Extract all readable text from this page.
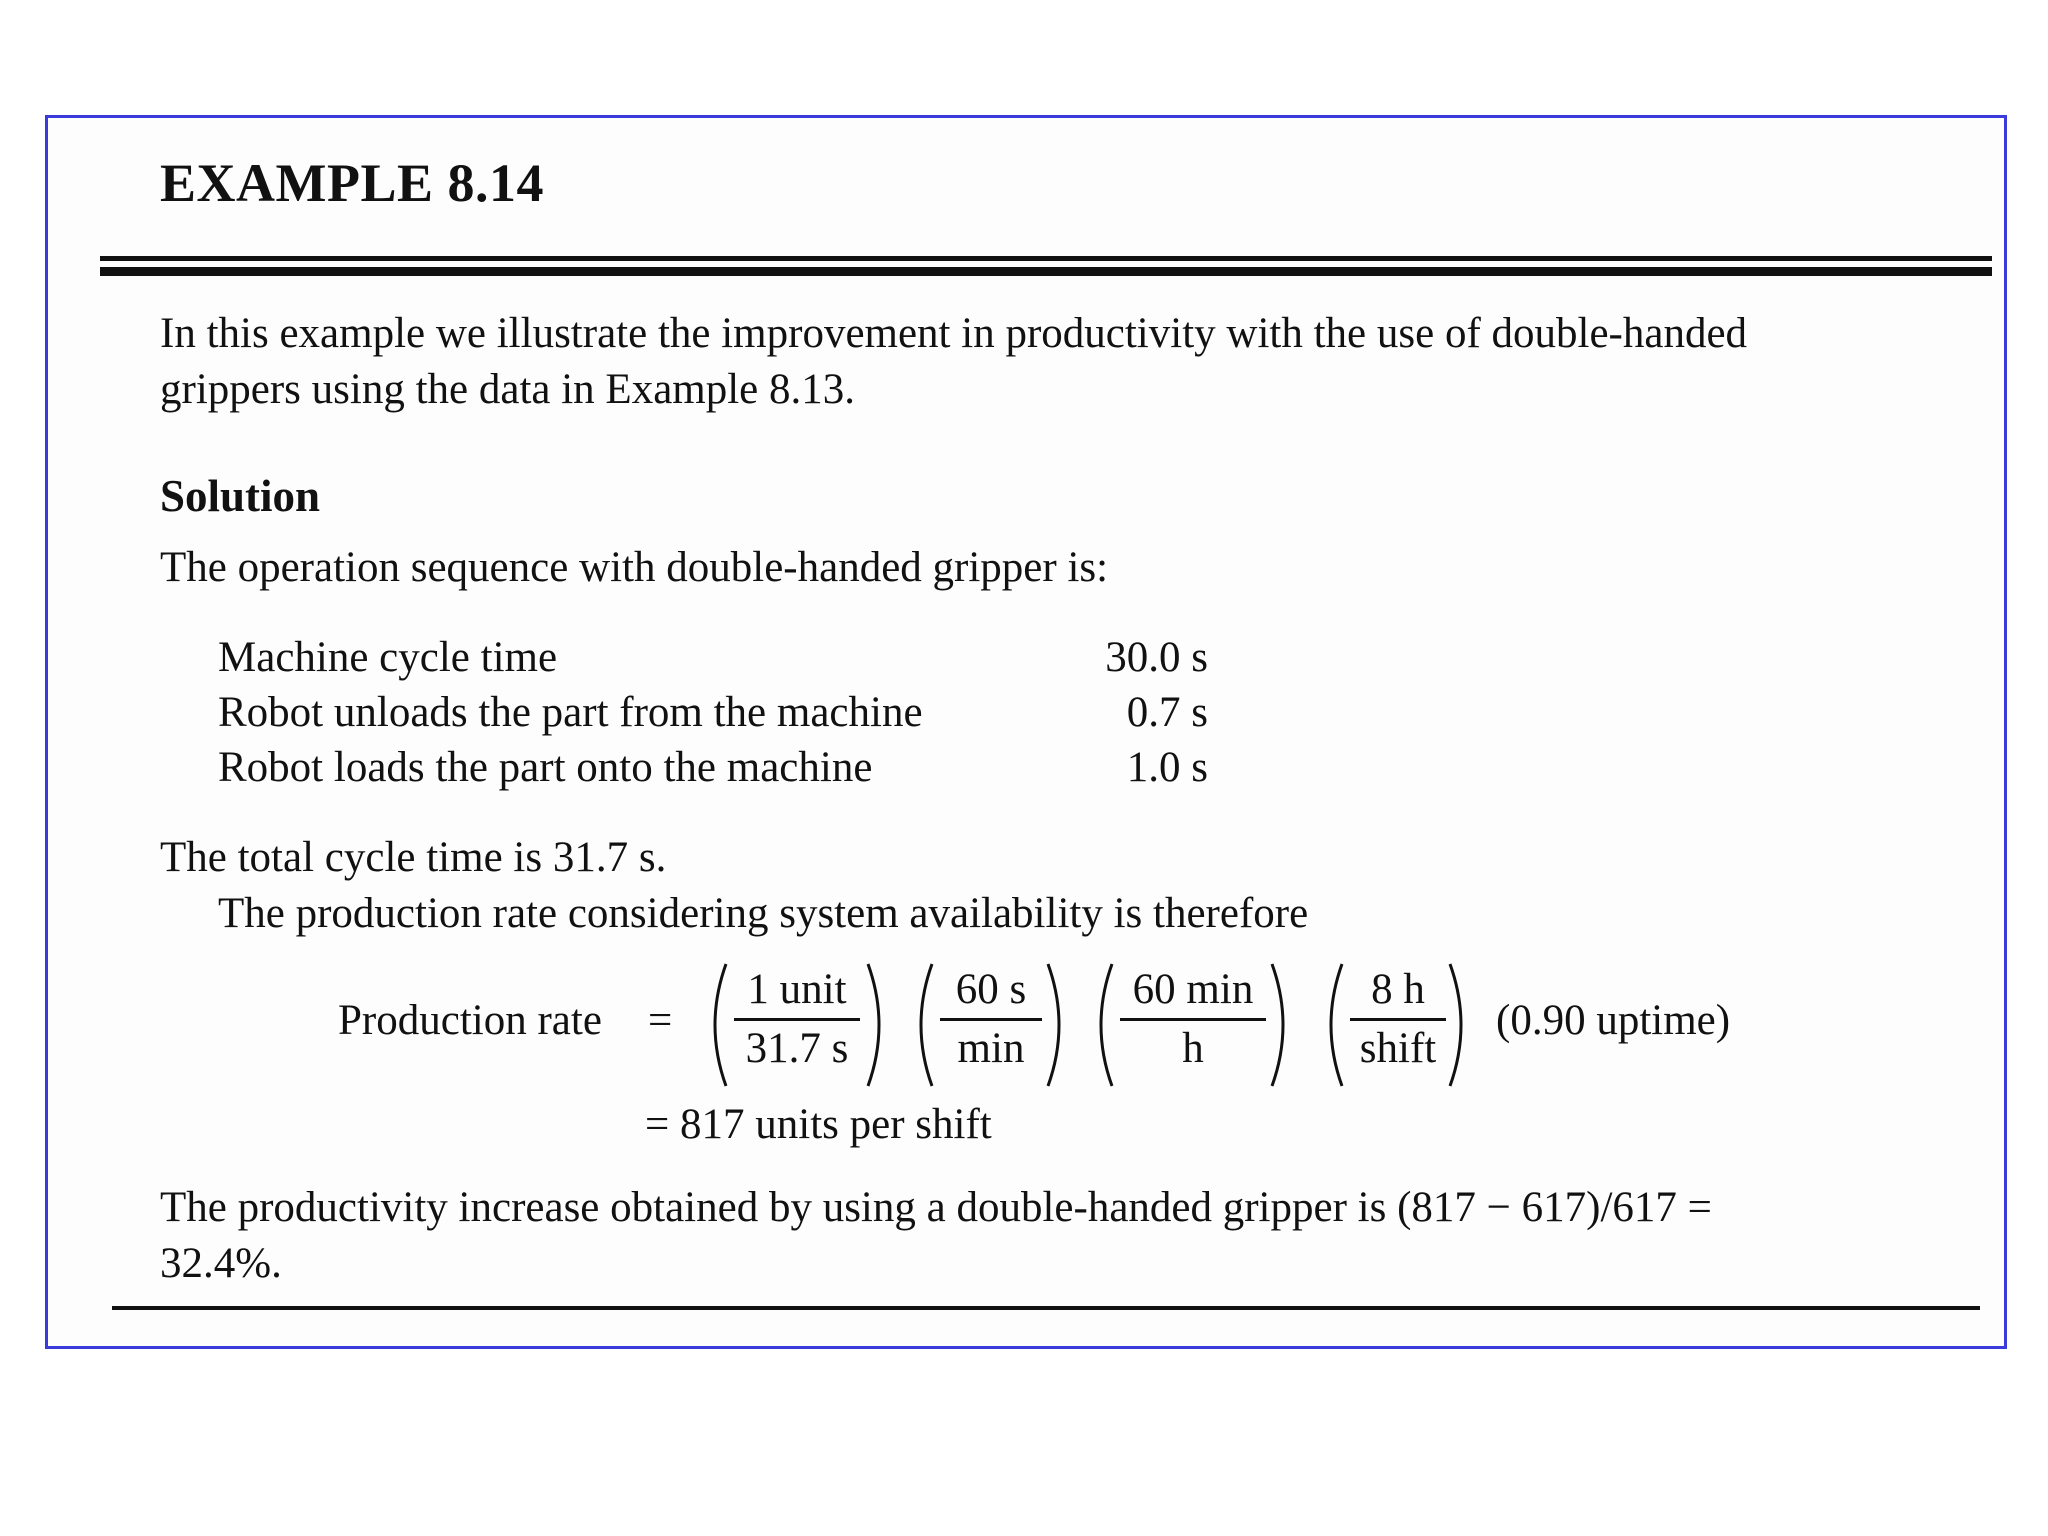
EXAMPLE 8.14
In this example we illustrate the improvement in productivity with the use of double-handed
grippers using the data in Example 8.13.
Solution
The operation sequence with double-handed gripper is:
Machine cycle time	30.0 s
Robot unloads the part from the machine	0.7 s
Robot loads the part onto the machine	1.0 s
The total cycle time is 31.7 s.
The production rate considering system availability is therefore
Production rate =
1 unit
31.7 s
60 s
min
60 min
h
8 h
shift
(0.90 uptime)
= 817 units per shift
The productivity increase obtained by using a double-handed gripper is (817 − 617)/617 =
32.4%.
